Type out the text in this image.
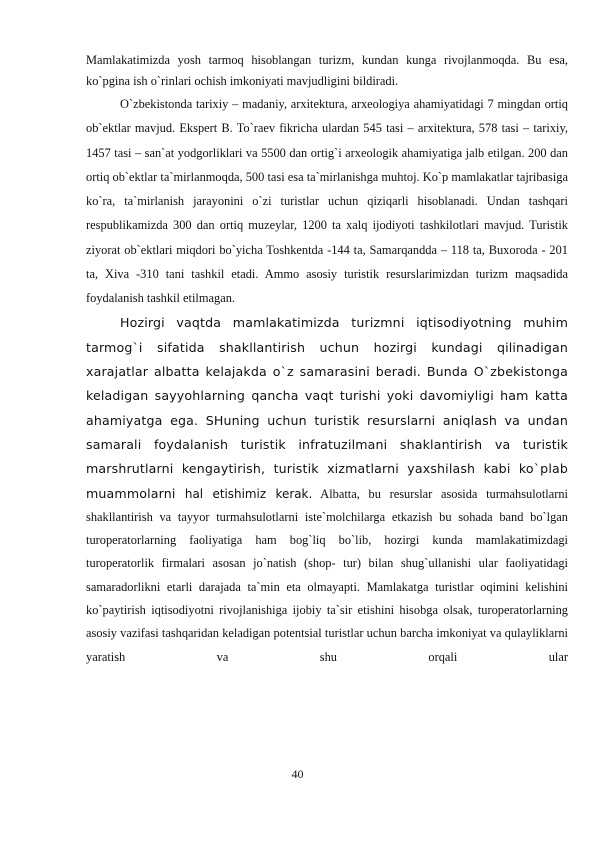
Mamlakatimizda yosh tarmoq hisoblangan turizm, kundan kunga rivojlanmoqda. Bu esa, ko`pgina ish o`rinlari ochish imkoniyati mavjudligini bildiradi.

O`zbekistonda tarixiy – madaniy, arxitektura, arxeologiya ahamiyatidagi 7 mingdan ortiq ob`ektlar mavjud. Ekspert B. To`raev fikricha ulardan 545 tasi – arxitektura, 578 tasi – tarixiy, 1457 tasi – san`at yodgorliklari va 5500 dan ortig`i arxeologik ahamiyatiga jalb etilgan. 200 dan ortiq ob`ektlar ta`mirlanmoqda, 500 tasi esa ta`mirlanishga muhtoj. Ko`p mamlakatlar tajribasiga ko`ra, ta`mirlanish jarayonini o`zi turistlar uchun qiziqarli hisoblanadi. Undan tashqari respublikamizda 300 dan ortiq muzeylar, 1200 ta xalq ijodiyoti tashkilotlari mavjud. Turistik ziyorat ob`ektlari miqdori bo`yicha Toshkentda -144 ta, Samarqandda – 118 ta, Buxoroda - 201 ta, Xiva -310 tani tashkil etadi. Ammo asosiy turistik resurslarimizdan turizm maqsadida foydalanish tashkil etilmagan.

Hozirgi vaqtda mamlakatimizda turizmni iqtisodiyotning muhim tarmog`i sifatida shakllantirish uchun hozirgi kundagi qilinadigan xarajatlar albatta kelajakda o`z samarasini beradi. Bunda O`zbekistonga keladigan sayyohlarning qancha vaqt turishi yoki davomiyligi ham katta ahamiyatga ega. SHuning uchun turistik resurslarni aniqlash va undan samarali foydalanish turistik infratuzilmani shaklantirish va turistik marshrutlarni kengaytirish, turistik xizmatlarni yaxshilash kabi ko`plab muammolarni hal etishimiz kerak. Albatta, bu resurslar asosida turmahsulotlarni shakllantirish va tayyor turmahsulotlarni iste`molchilarga etkazish bu sohada band bo`lgan turoperatorlarning faoliyatiga ham bog`liq bo`lib, hozirgi kunda mamlakatimizdagi turoperatorlik firmalari asosan jo`natish (shop- tur) bilan shug`ullanishi ular faoliyatidagi samaradorlikni etarli darajada ta`min eta olmayapti. Mamlakatga turistlar oqimini kelishini ko`paytirish iqtisodiyotni rivojlanishiga ijobiy ta`sir etishini hisobga olsak, turoperatorlarning asosiy vazifasi tashqaridan keladigan potentsial turistlar uchun barcha imkoniyat va qulayliklarni yaratish va shu orqali ular

40
